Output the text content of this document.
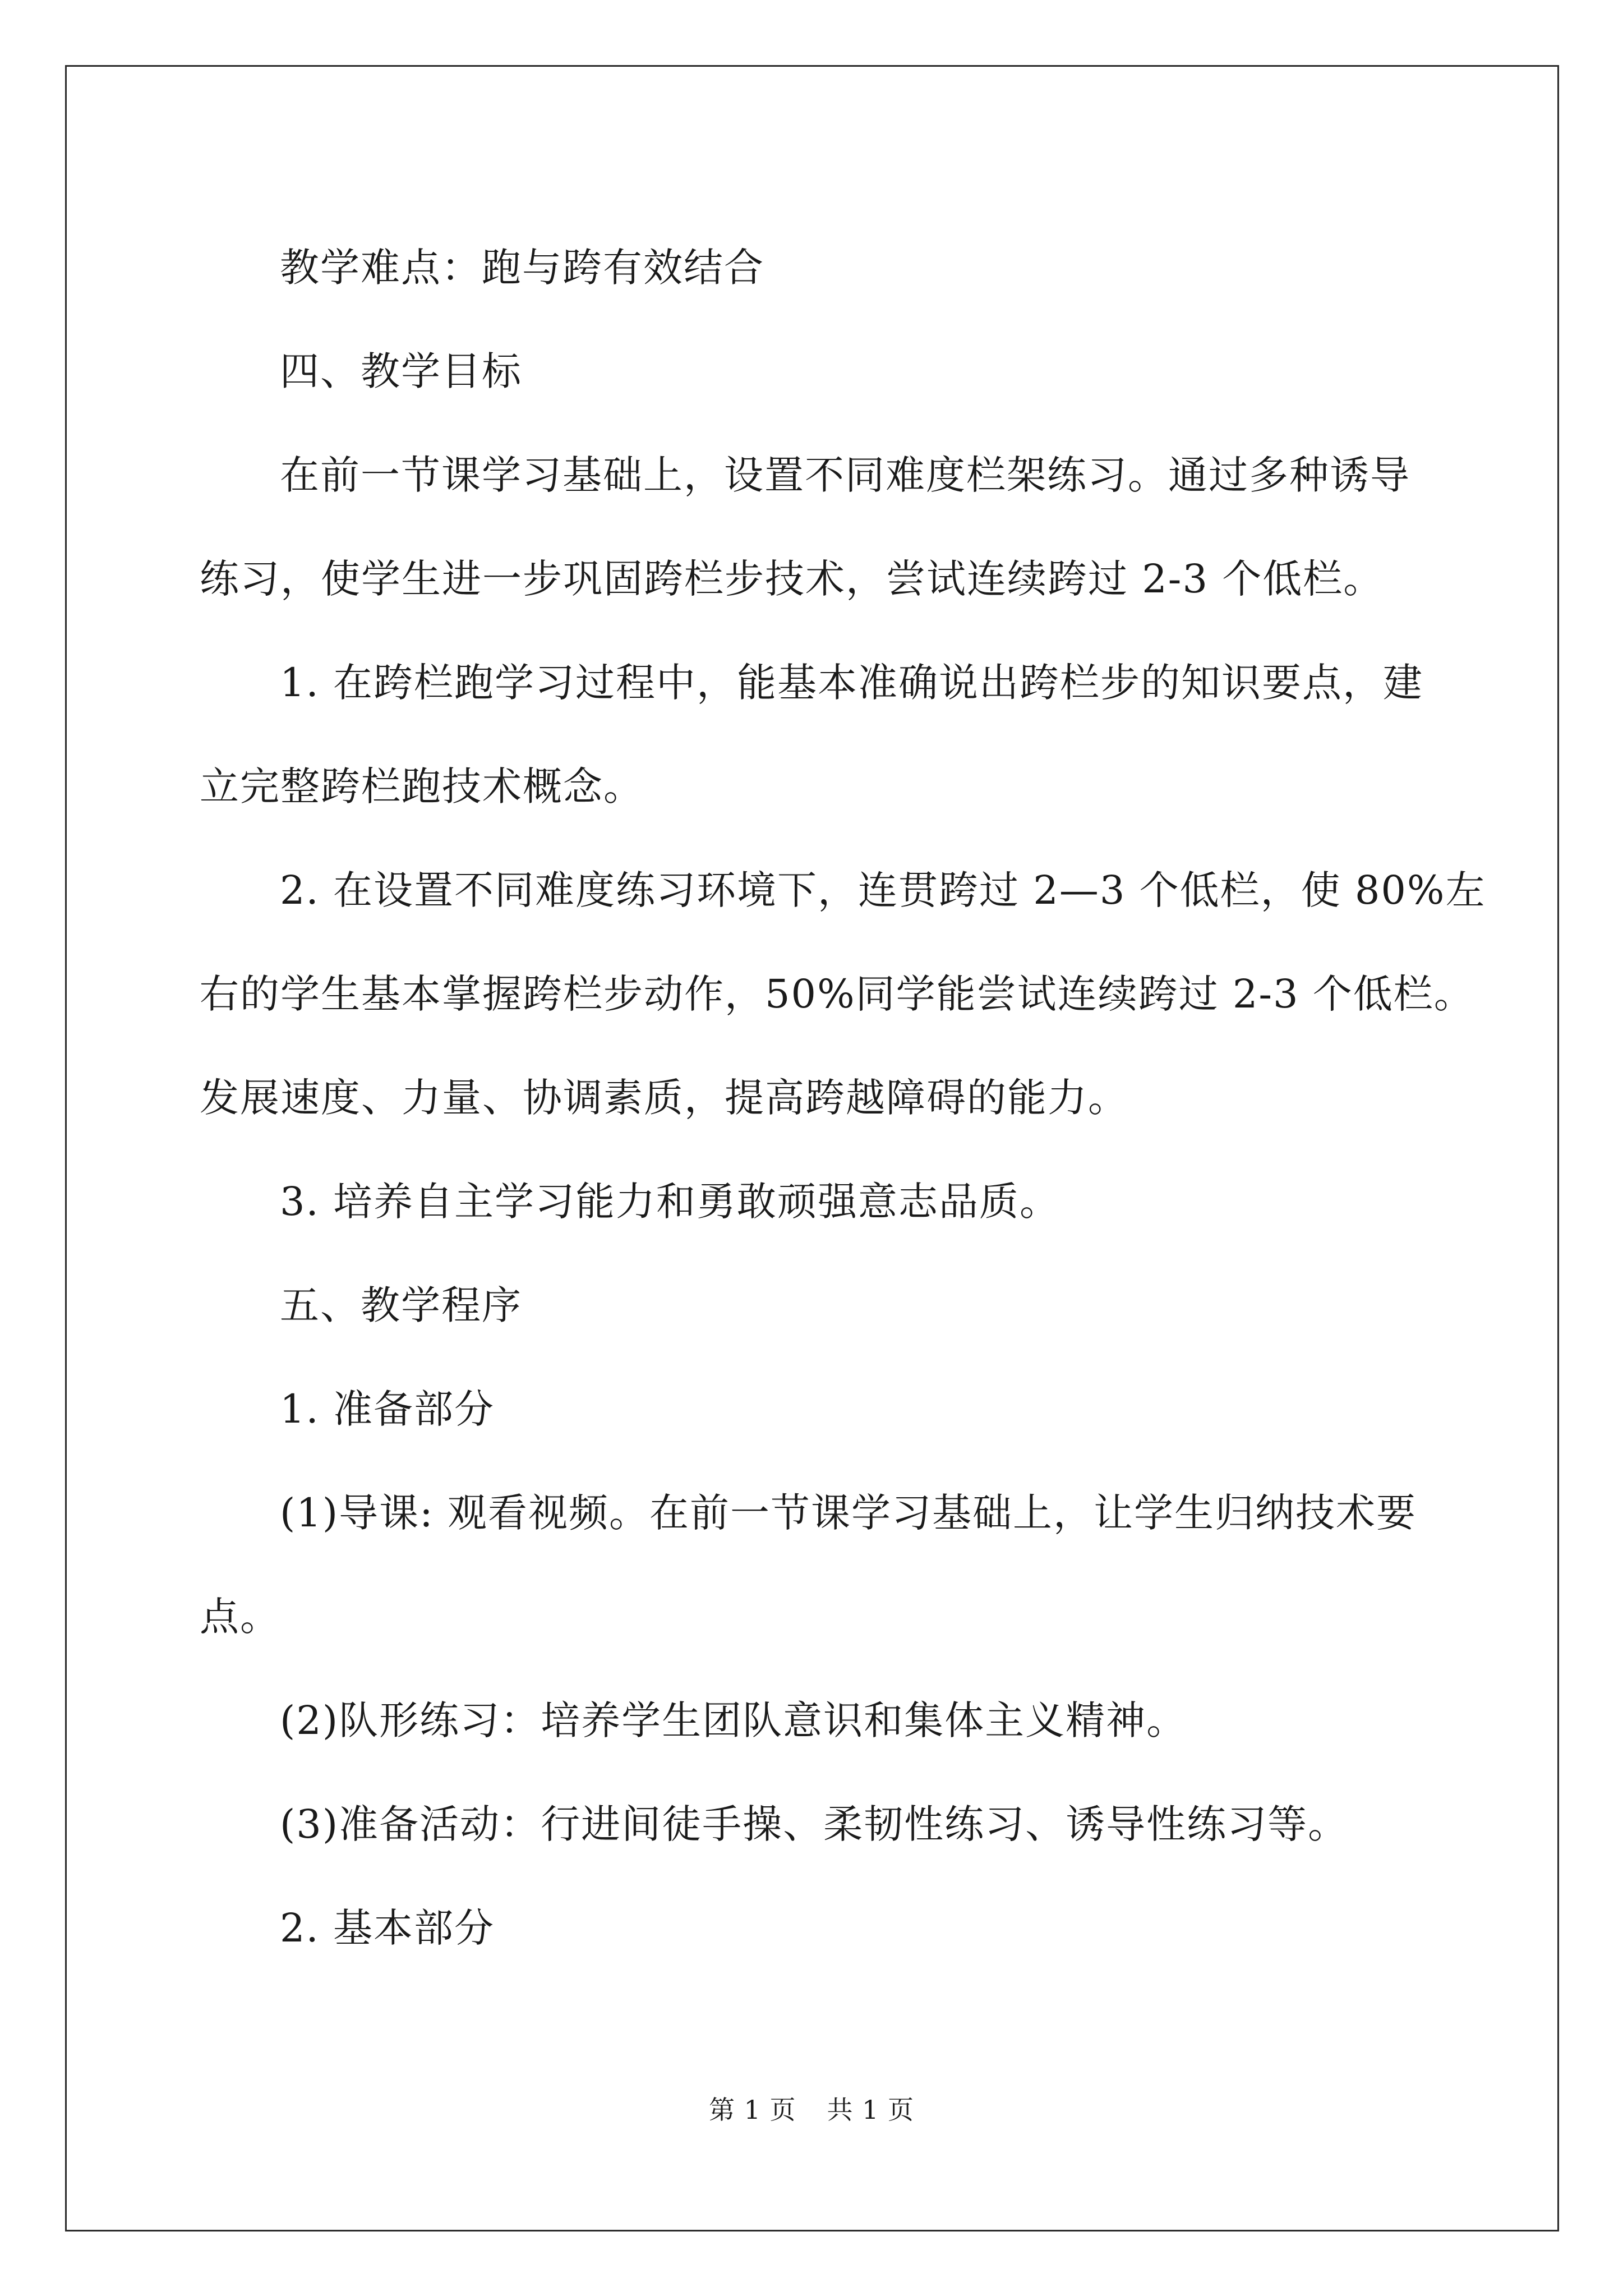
教学难点：跑与跨有效结合

四、教学目标

在前一节课学习基础上，设置不同难度栏架练习。通过多种诱导

练习，使学生进一步巩固跨栏步技术，尝试连续跨过 2-3 个低栏。

1. 在跨栏跑学习过程中，能基本准确说出跨栏步的知识要点，建

立完整跨栏跑技术概念。

2. 在设置不同难度练习环境下，连贯跨过 2—3 个低栏，使 80%左

右的学生基本掌握跨栏步动作，50%同学能尝试连续跨过 2-3 个低栏。

发展速度、力量、协调素质，提高跨越障碍的能力。

3. 培养自主学习能力和勇敢顽强意志品质。

五、教学程序

1. 准备部分

(1)导课: 观看视频。在前一节课学习基础上，让学生归纳技术要

点。

(2)队形练习：培养学生团队意识和集体主义精神。

(3)准备活动：行进间徒手操、柔韧性练习、诱导性练习等。

2. 基本部分

第 1 页 共 1 页
